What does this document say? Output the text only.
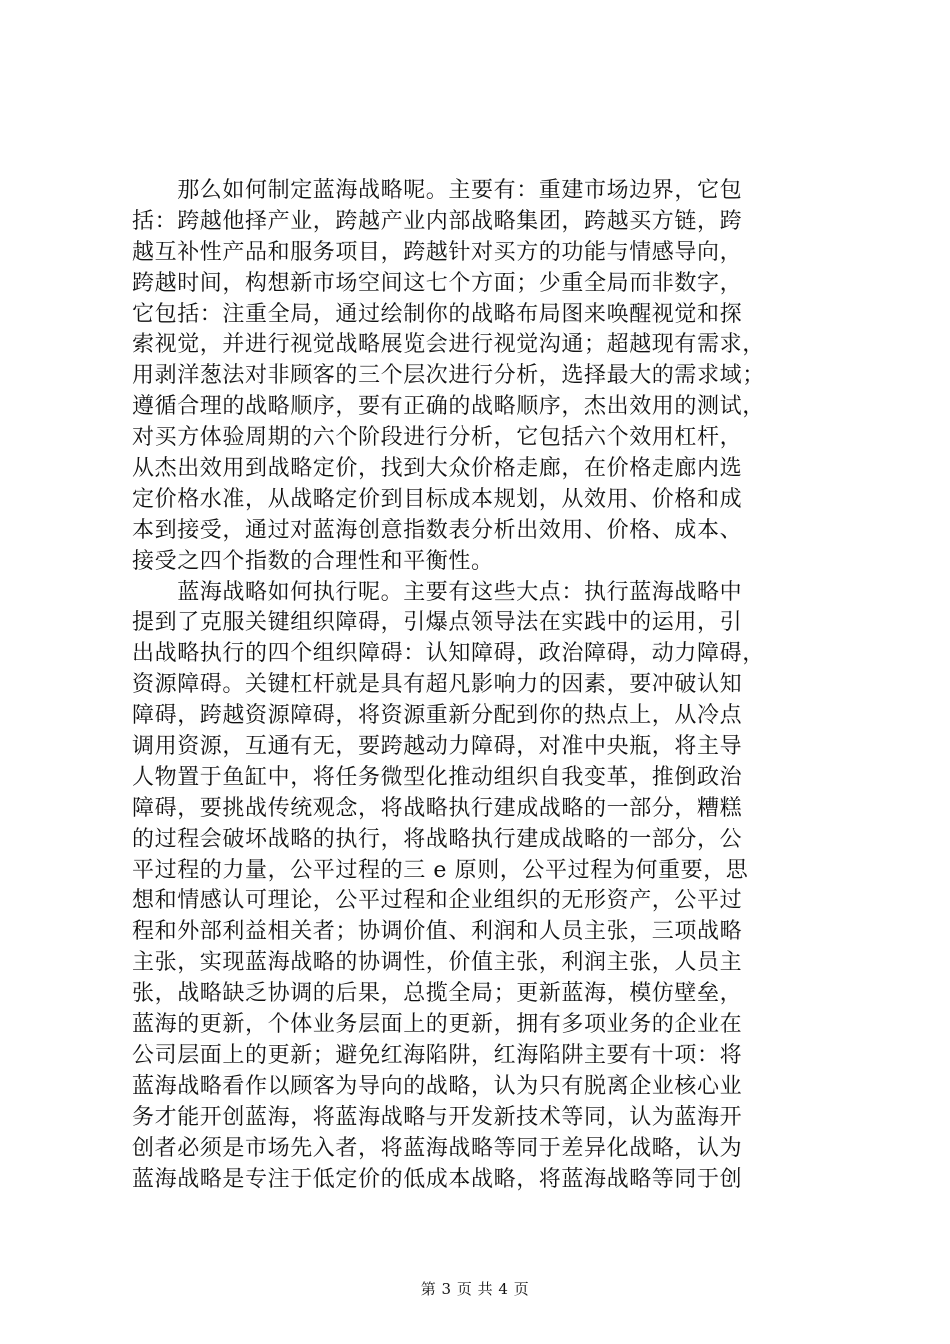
　　那么如何制定蓝海战略呢。主要有：重建市场边界，它包
括：跨越他择产业，跨越产业内部战略集团，跨越买方链，跨
越互补性产品和服务项目，跨越针对买方的功能与情感导向，
跨越时间，构想新市场空间这七个方面；少重全局而非数字，
它包括：注重全局，通过绘制你的战略布局图来唤醒视觉和探
索视觉，并进行视觉战略展览会进行视觉沟通；超越现有需求，
用剥洋葱法对非顾客的三个层次进行分析，选择最大的需求域；
遵循合理的战略顺序，要有正确的战略顺序，杰出效用的测试，
对买方体验周期的六个阶段进行分析，它包括六个效用杠杆，
从杰出效用到战略定价，找到大众价格走廊，在价格走廊内选
定价格水准，从战略定价到目标成本规划，从效用、价格和成
本到接受，通过对蓝海创意指数表分析出效用、价格、成本、
接受之四个指数的合理性和平衡性。
　　蓝海战略如何执行呢。主要有这些大点：执行蓝海战略中
提到了克服关键组织障碍，引爆点领导法在实践中的运用，引
出战略执行的四个组织障碍：认知障碍，政治障碍，动力障碍，
资源障碍。关键杠杆就是具有超凡影响力的因素，要冲破认知
障碍，跨越资源障碍，将资源重新分配到你的热点上，从冷点
调用资源，互通有无，要跨越动力障碍，对准中央瓶，将主导
人物置于鱼缸中，将任务微型化推动组织自我变革，推倒政治
障碍，要挑战传统观念，将战略执行建成战略的一部分，糟糕
的过程会破坏战略的执行，将战略执行建成战略的一部分，公
平过程的力量，公平过程的三 e 原则，公平过程为何重要，思
想和情感认可理论，公平过程和企业组织的无形资产，公平过
程和外部利益相关者；协调价值、利润和人员主张，三项战略
主张，实现蓝海战略的协调性，价值主张，利润主张，人员主
张，战略缺乏协调的后果，总揽全局；更新蓝海，模仿壁垒，
蓝海的更新，个体业务层面上的更新，拥有多项业务的企业在
公司层面上的更新；避免红海陷阱，红海陷阱主要有十项：将
蓝海战略看作以顾客为导向的战略，认为只有脱离企业核心业
务才能开创蓝海，将蓝海战略与开发新技术等同，认为蓝海开
创者必须是市场先入者，将蓝海战略等同于差异化战略，认为
蓝海战略是专注于低定价的低成本战略，将蓝海战略等同于创
第 3 页 共 4 页
